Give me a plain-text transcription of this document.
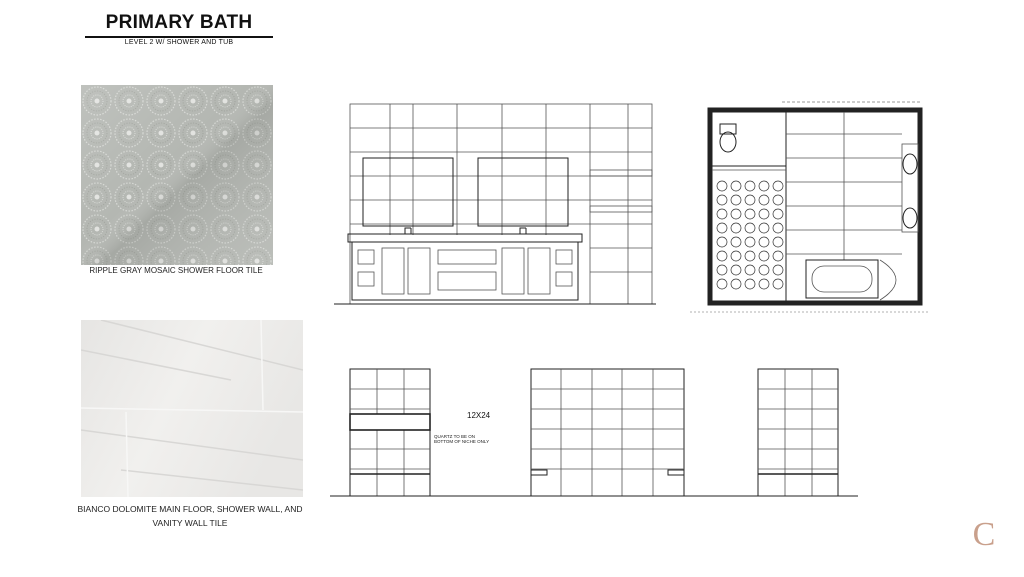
PRIMARY BATH
LEVEL 2 W/ SHOWER AND TUB
RIPPLE GRAY MOSAIC SHOWER FLOOR TILE
BIANCO DOLOMITE MAIN FLOOR, SHOWER WALL, AND VANITY WALL TILE
12X24
QUARTZ TO BE ON BOTTOM OF NICHE ONLY
C
